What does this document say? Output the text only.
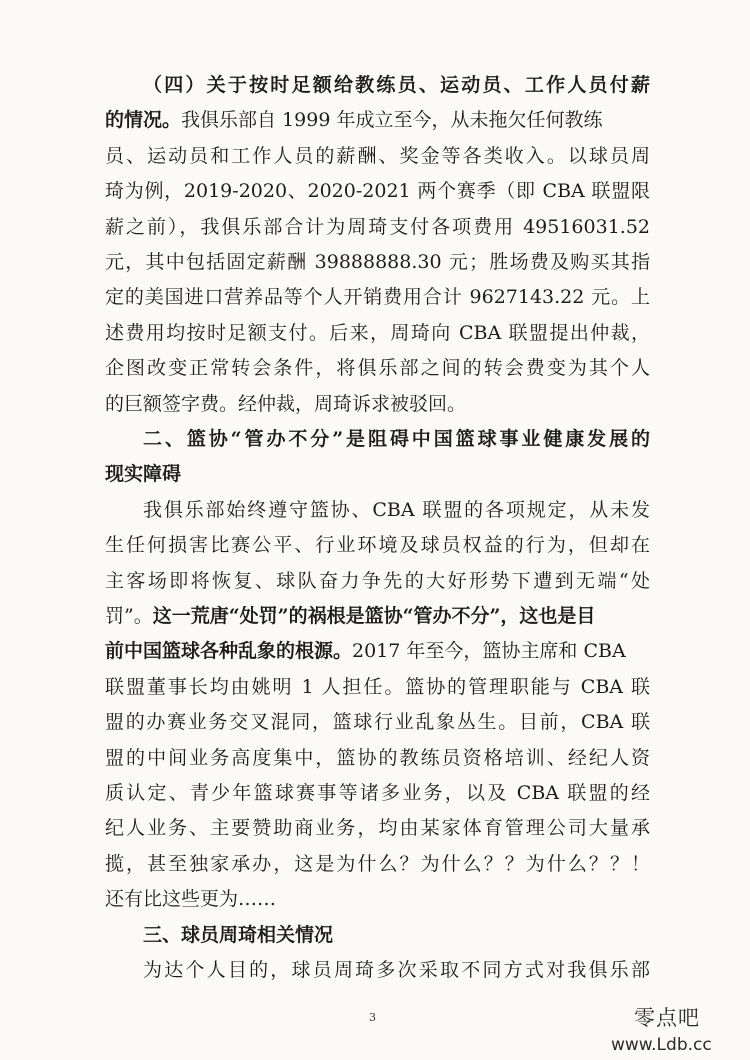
（四）关于按时足额给教练员、运动员、工作人员付薪
的情况。我俱乐部自 1999 年成立至今，从未拖欠任何教练
员、运动员和工作人员的薪酬、奖金等各类收入。以球员周
琦为例，2019-2020、2020-2021 两个赛季（即 CBA 联盟限
薪之前），我俱乐部合计为周琦支付各项费用 49516031.52
元，其中包括固定薪酬 39888888.30 元；胜场费及购买其指
定的美国进口营养品等个人开销费用合计 9627143.22 元。上
述费用均按时足额支付。后来，周琦向 CBA 联盟提出仲裁，
企图改变正常转会条件，将俱乐部之间的转会费变为其个人
的巨额签字费。经仲裁，周琦诉求被驳回。
二、篮协“管办不分”是阻碍中国篮球事业健康发展的
现实障碍
我俱乐部始终遵守篮协、CBA 联盟的各项规定，从未发
生任何损害比赛公平、行业环境及球员权益的行为，但却在
主客场即将恢复、球队奋力争先的大好形势下遭到无端“处
罚”。这一荒唐“处罚”的祸根是篮协“管办不分”，这也是目
前中国篮球各种乱象的根源。2017 年至今，篮协主席和 CBA
联盟董事长均由姚明 1 人担任。篮协的管理职能与 CBA 联
盟的办赛业务交叉混同，篮球行业乱象丛生。目前，CBA 联
盟的中间业务高度集中，篮协的教练员资格培训、经纪人资
质认定、青少年篮球赛事等诸多业务，以及 CBA 联盟的经
纪人业务、主要赞助商业务，均由某家体育管理公司大量承
揽，甚至独家承办，这是为什么？为什么？？为什么？？！
还有比这些更为……
三、球员周琦相关情况
为达个人目的，球员周琦多次采取不同方式对我俱乐部
3	零点吧
www.Ldb.cc
